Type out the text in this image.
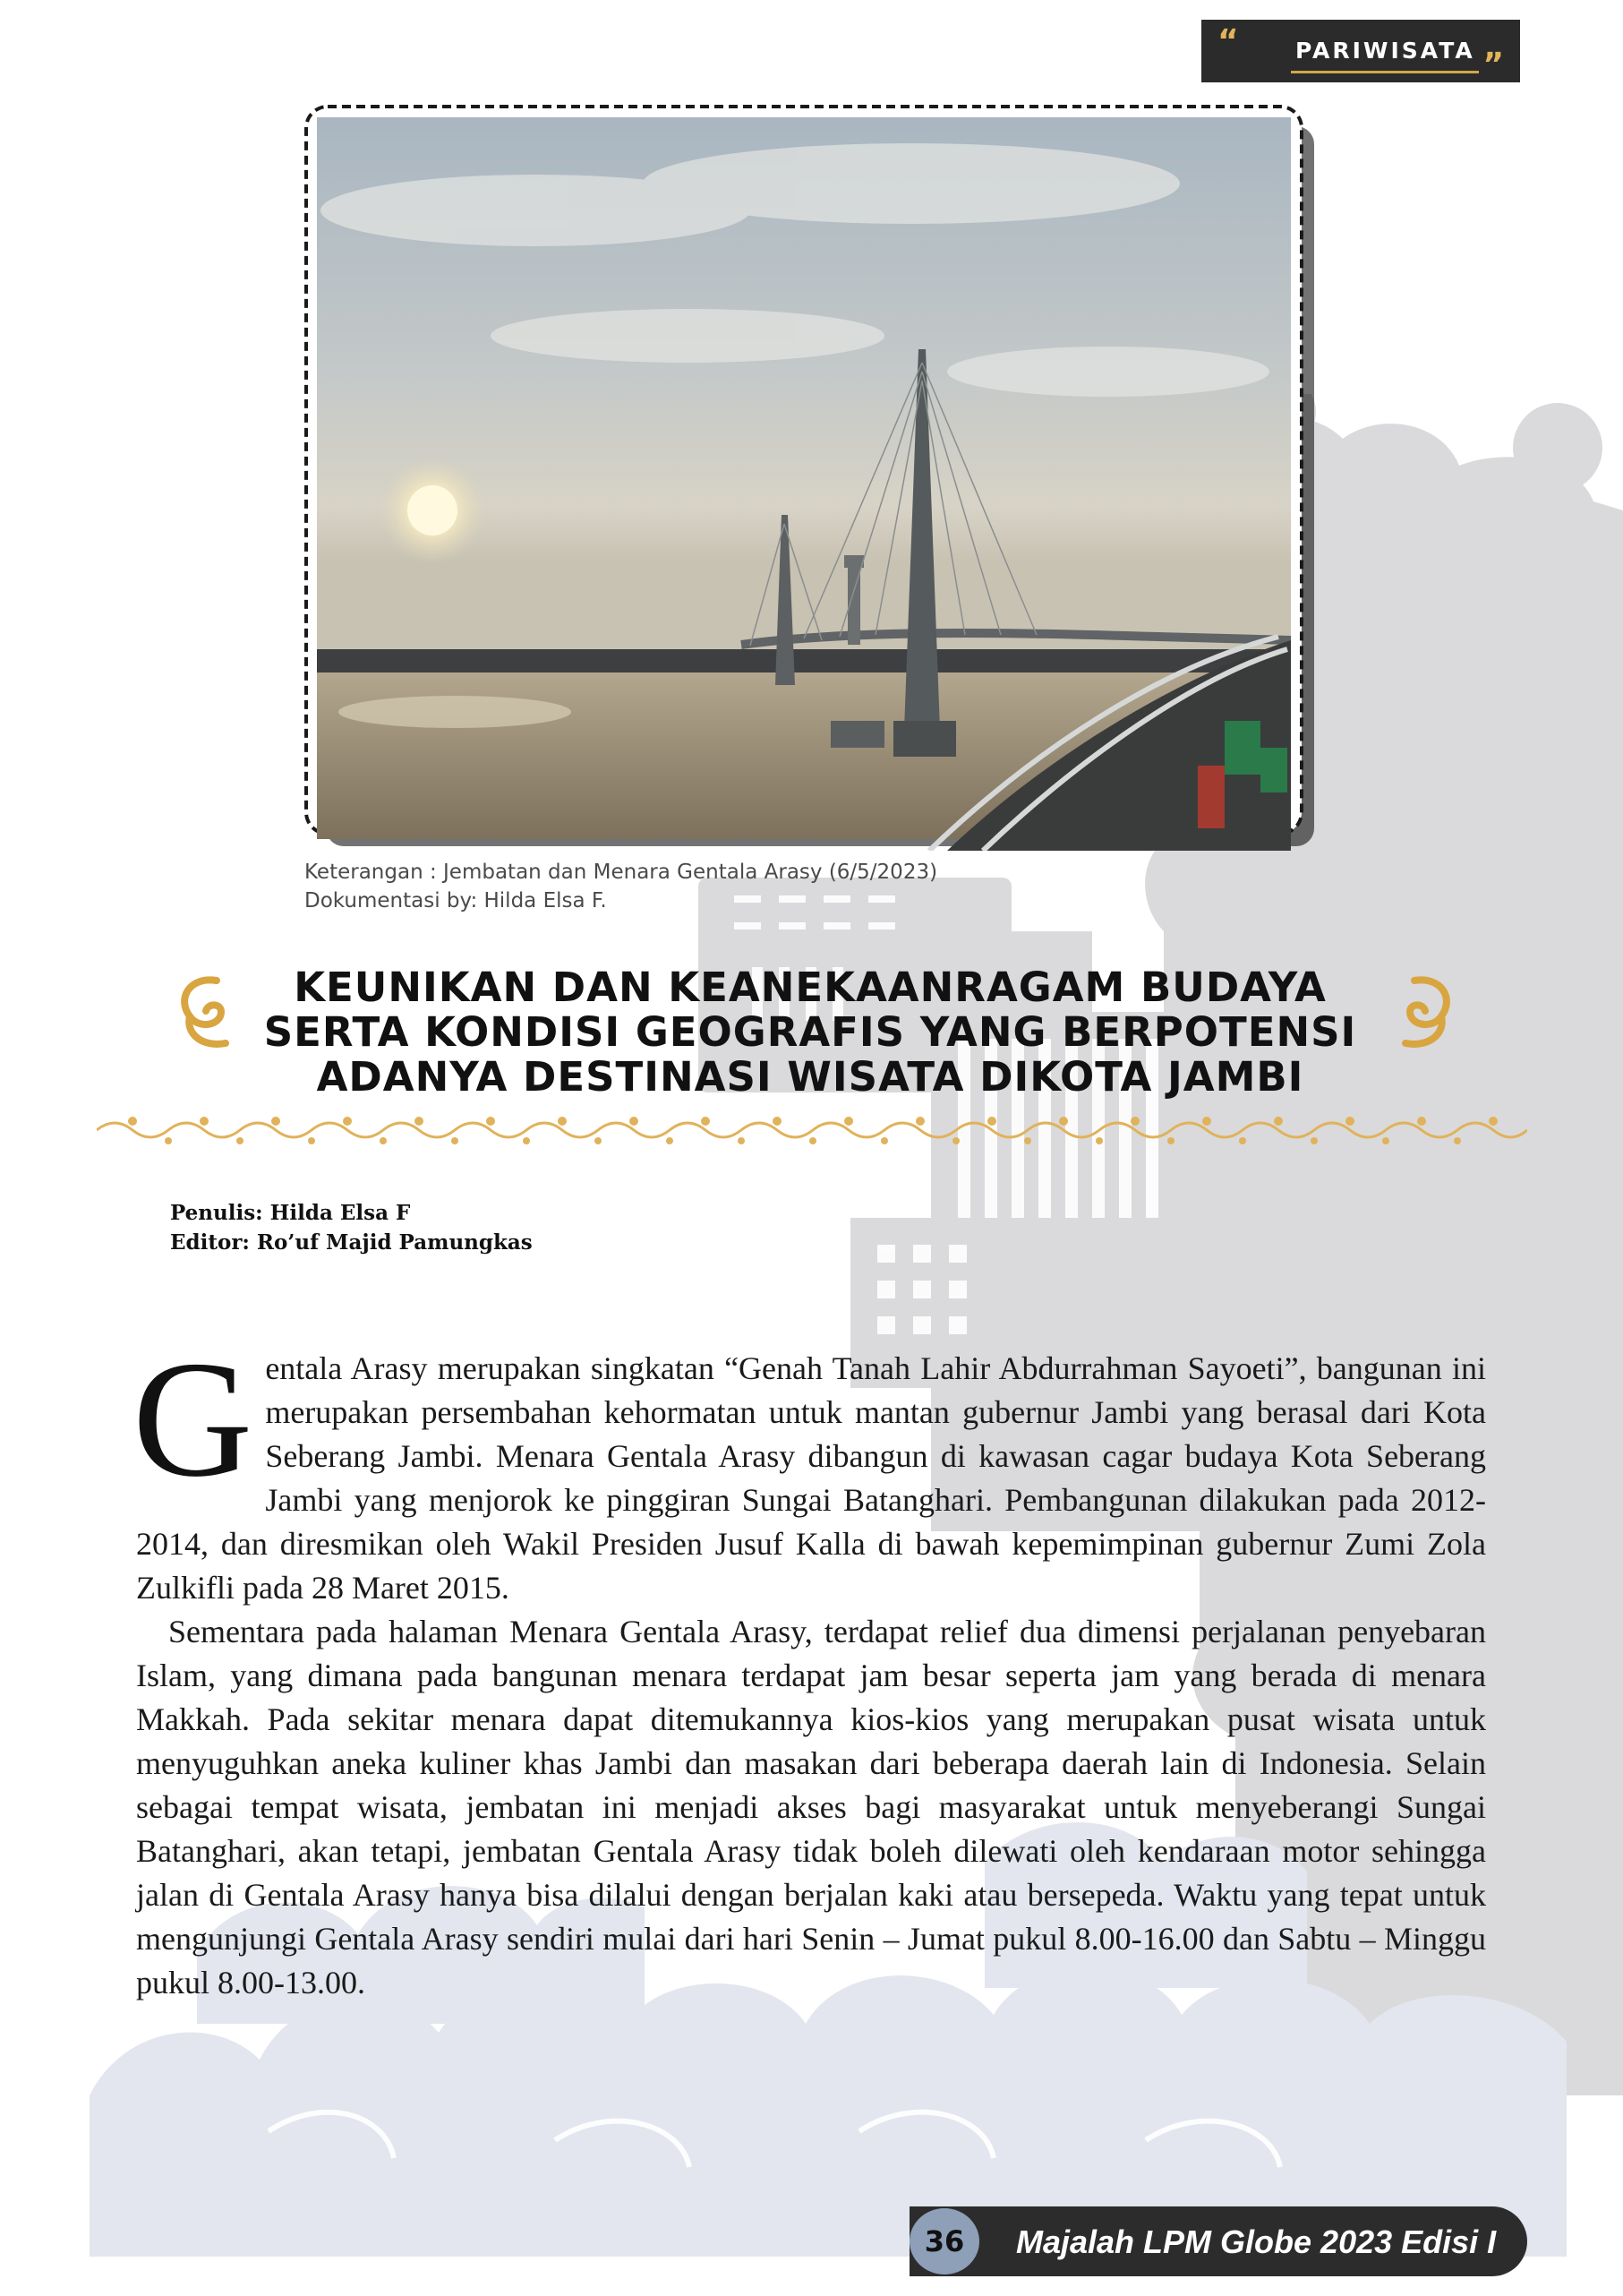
“	PARIWISATA ”
Keterangan : Jembatan dan Menara Gentala Arasy (6/5/2023)
Dokumentasi by: Hilda Elsa F.
KEUNIKAN DAN KEANEKAANRAGAM BUDAYA
SERTA KONDISI GEOGRAFIS YANG BERPOTENSI
ADANYA DESTINASI WISATA DIKOTA JAMBI
Penulis: Hilda Elsa F
Editor: Ro’uf Majid Pamungkas

Gentala Arasy merupakan singkatan “Genah Tanah Lahir Abdurrahman Sayoeti”, bangunan ini merupakan persembahan kehormatan untuk mantan gubernur Jambi yang berasal dari Kota Seberang Jambi. Menara Gentala Arasy dibangun di kawasan cagar budaya Kota Seberang Jambi yang menjorok ke pinggiran Sungai Batanghari. Pembangunan dilakukan pada 2012-2014, dan diresmikan oleh Wakil Presiden Jusuf Kalla di bawah kepemimpinan gubernur Zumi Zola Zulkifli pada 28 Maret 2015.

Sementara pada halaman Menara Gentala Arasy, terdapat relief dua dimensi perjalanan penyebaran Islam, yang dimana pada bangunan menara terdapat jam besar seperta jam yang berada di menara Makkah. Pada sekitar menara dapat ditemukannya kios-kios yang merupakan pusat wisata untuk menyuguhkan aneka kuliner khas Jambi dan masakan dari beberapa daerah lain di Indonesia. Selain sebagai tempat wisata, jembatan ini menjadi akses bagi masyarakat untuk menyeberangi Sungai Batanghari, akan tetapi, jembatan Gentala Arasy tidak boleh dilewati oleh kendaraan motor sehingga jalan di Gentala Arasy hanya bisa dilalui dengan berjalan kaki atau bersepeda. Waktu yang tepat untuk mengunjungi Gentala Arasy sendiri mulai dari hari Senin – Jumat pukul 8.00-16.00 dan Sabtu – Minggu pukul 8.00-13.00.

36	Majalah LPM Globe 2023 Edisi I
